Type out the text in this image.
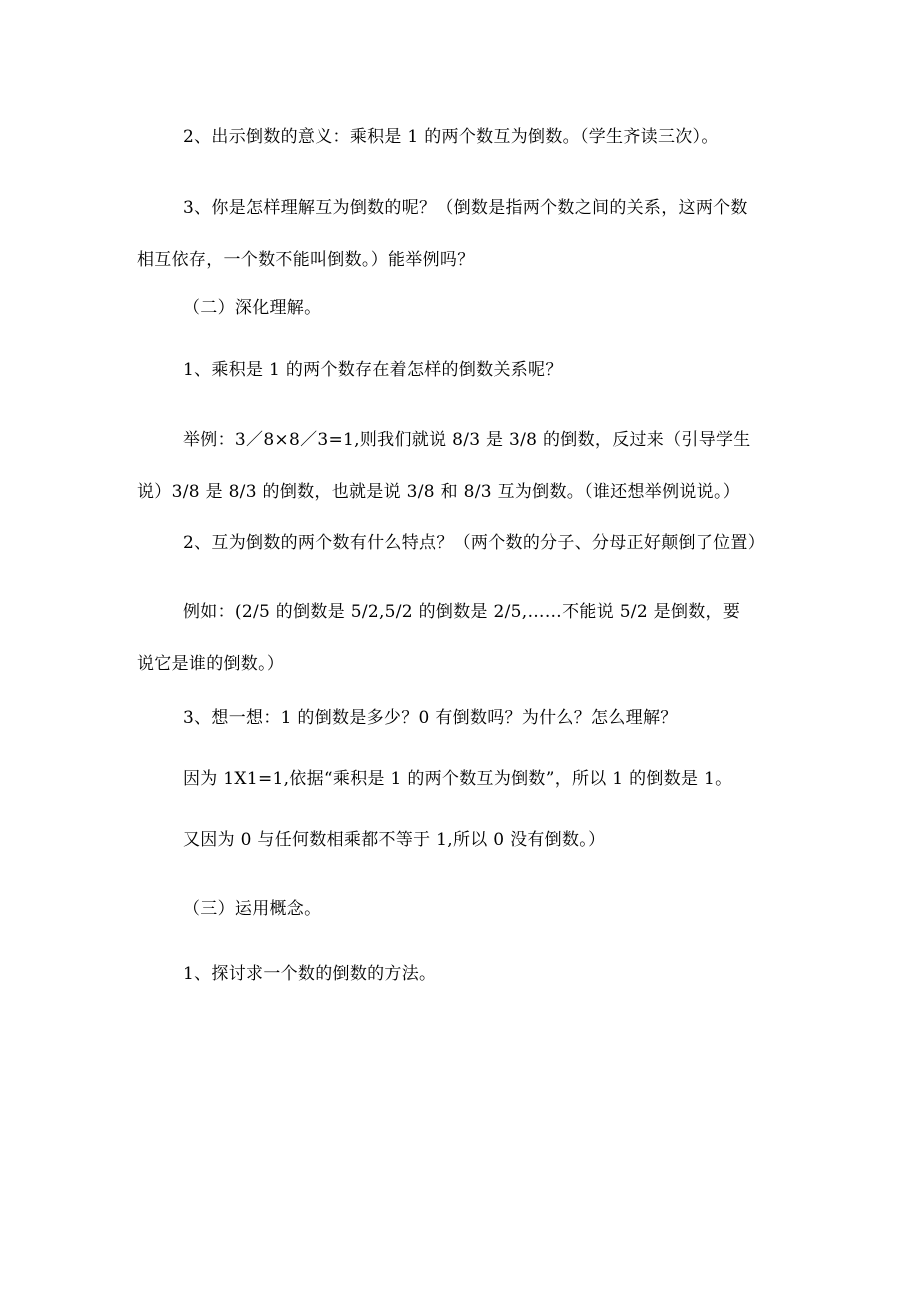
2、出示倒数的意义：乘积是 1 的两个数互为倒数。（学生齐读三次）。

3、你是怎样理解互为倒数的呢？（倒数是指两个数之间的关系，这两个数
相互依存，一个数不能叫倒数。）能举例吗？

（二）深化理解。

1、乘积是 1 的两个数存在着怎样的倒数关系呢？

举例：3／8×8／3=1,则我们就说 8/3 是 3/8 的倒数，反过来（引导学生
说）3/8 是 8/3 的倒数，也就是说 3/8 和 8/3 互为倒数。（谁还想举例说说。）

2、互为倒数的两个数有什么特点？（两个数的分子、分母正好颠倒了位置）

例如：(2/5 的倒数是 5/2,5/2 的倒数是 2/5,……不能说 5/2 是倒数，要
说它是谁的倒数。）

3、想一想：1 的倒数是多少？0 有倒数吗？为什么？怎么理解？

因为 1X1=1,依据“乘积是 1 的两个数互为倒数”，所以 1 的倒数是 1。

又因为 0 与任何数相乘都不等于 1,所以 0 没有倒数。）

（三）运用概念。

1、探讨求一个数的倒数的方法。
